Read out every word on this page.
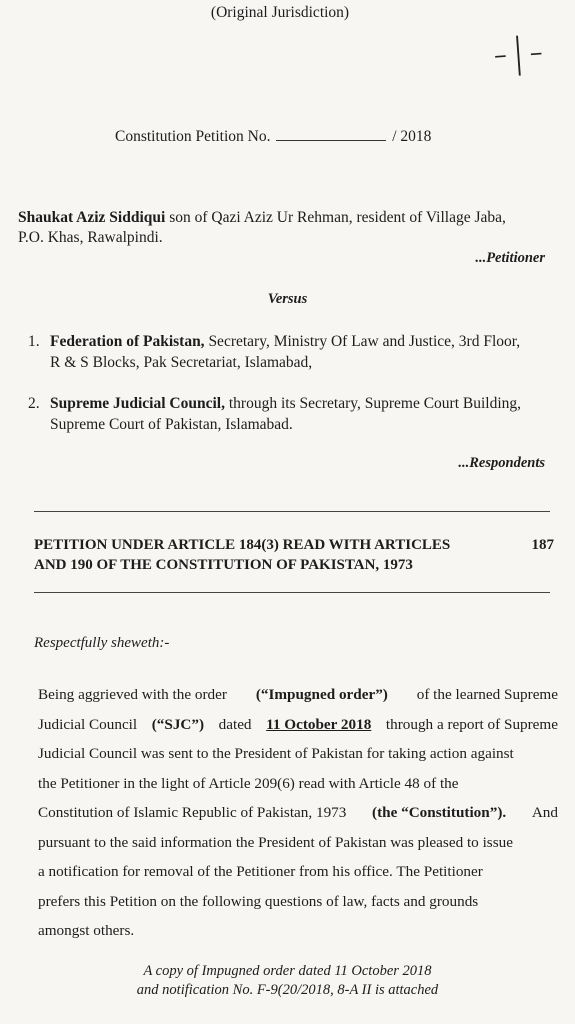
(Original Jurisdiction)
-|-
Constitution Petition No.	/ 2018
Shaukat Aziz Siddiqui son of Qazi Aziz Ur Rehman, resident of Village Jaba,
P.O. Khas, Rawalpindi.
...Petitioner
Versus
1. Federation of Pakistan, Secretary, Ministry Of Law and Justice, 3rd Floor,
R & S Blocks, Pak Secretariat, Islamabad,
2. Supreme Judicial Council, through its Secretary, Supreme Court Building,
Supreme Court of Pakistan, Islamabad.
...Respondents
PETITION UNDER ARTICLE 184(3) READ WITH ARTICLES	187
AND 190 OF THE CONSTITUTION OF PAKISTAN, 1973
Respectfully sheweth:-
Being aggrieved with the order (“Impugned order”) of the learned Supreme
Judicial Council (“SJC”) dated 11 October 2018 through a report of Supreme
Judicial Council was sent to the President of Pakistan for taking action against
the Petitioner in the light of Article 209(6) read with Article 48 of the
Constitution of Islamic Republic of Pakistan, 1973 (the “Constitution”). And
pursuant to the said information the President of Pakistan was pleased to issue
a notification for removal of the Petitioner from his office. The Petitioner
prefers this Petition on the following questions of law, facts and grounds
amongst others.
A copy of Impugned order dated 11 October 2018
and notification No. F-9(20/2018, 8-A II is attached
